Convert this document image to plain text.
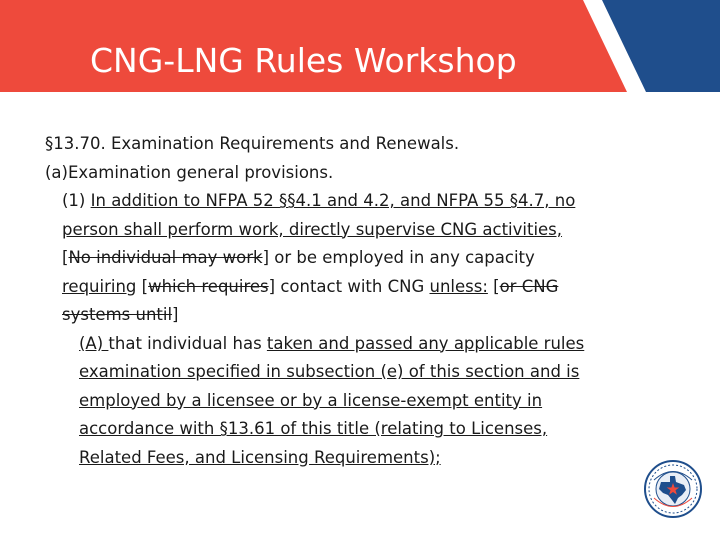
CNG-LNG Rules Workshop
§13.70. Examination Requirements and Renewals.
(a)Examination general provisions.
(1) In addition to NFPA 52 §§4.1 and 4.2, and NFPA 55 §4.7, no
person shall perform work, directly supervise CNG activities,
[No individual may work] or be employed in any capacity
requiring [which requires] contact with CNG unless: [or CNG
systems until]
(A) that individual has taken and passed any applicable rules
examination specified in subsection (e) of this section and is
employed by a licensee or by a license-exempt entity in
accordance with §13.61 of this title (relating to Licenses,
Related Fees, and Licensing Requirements);
